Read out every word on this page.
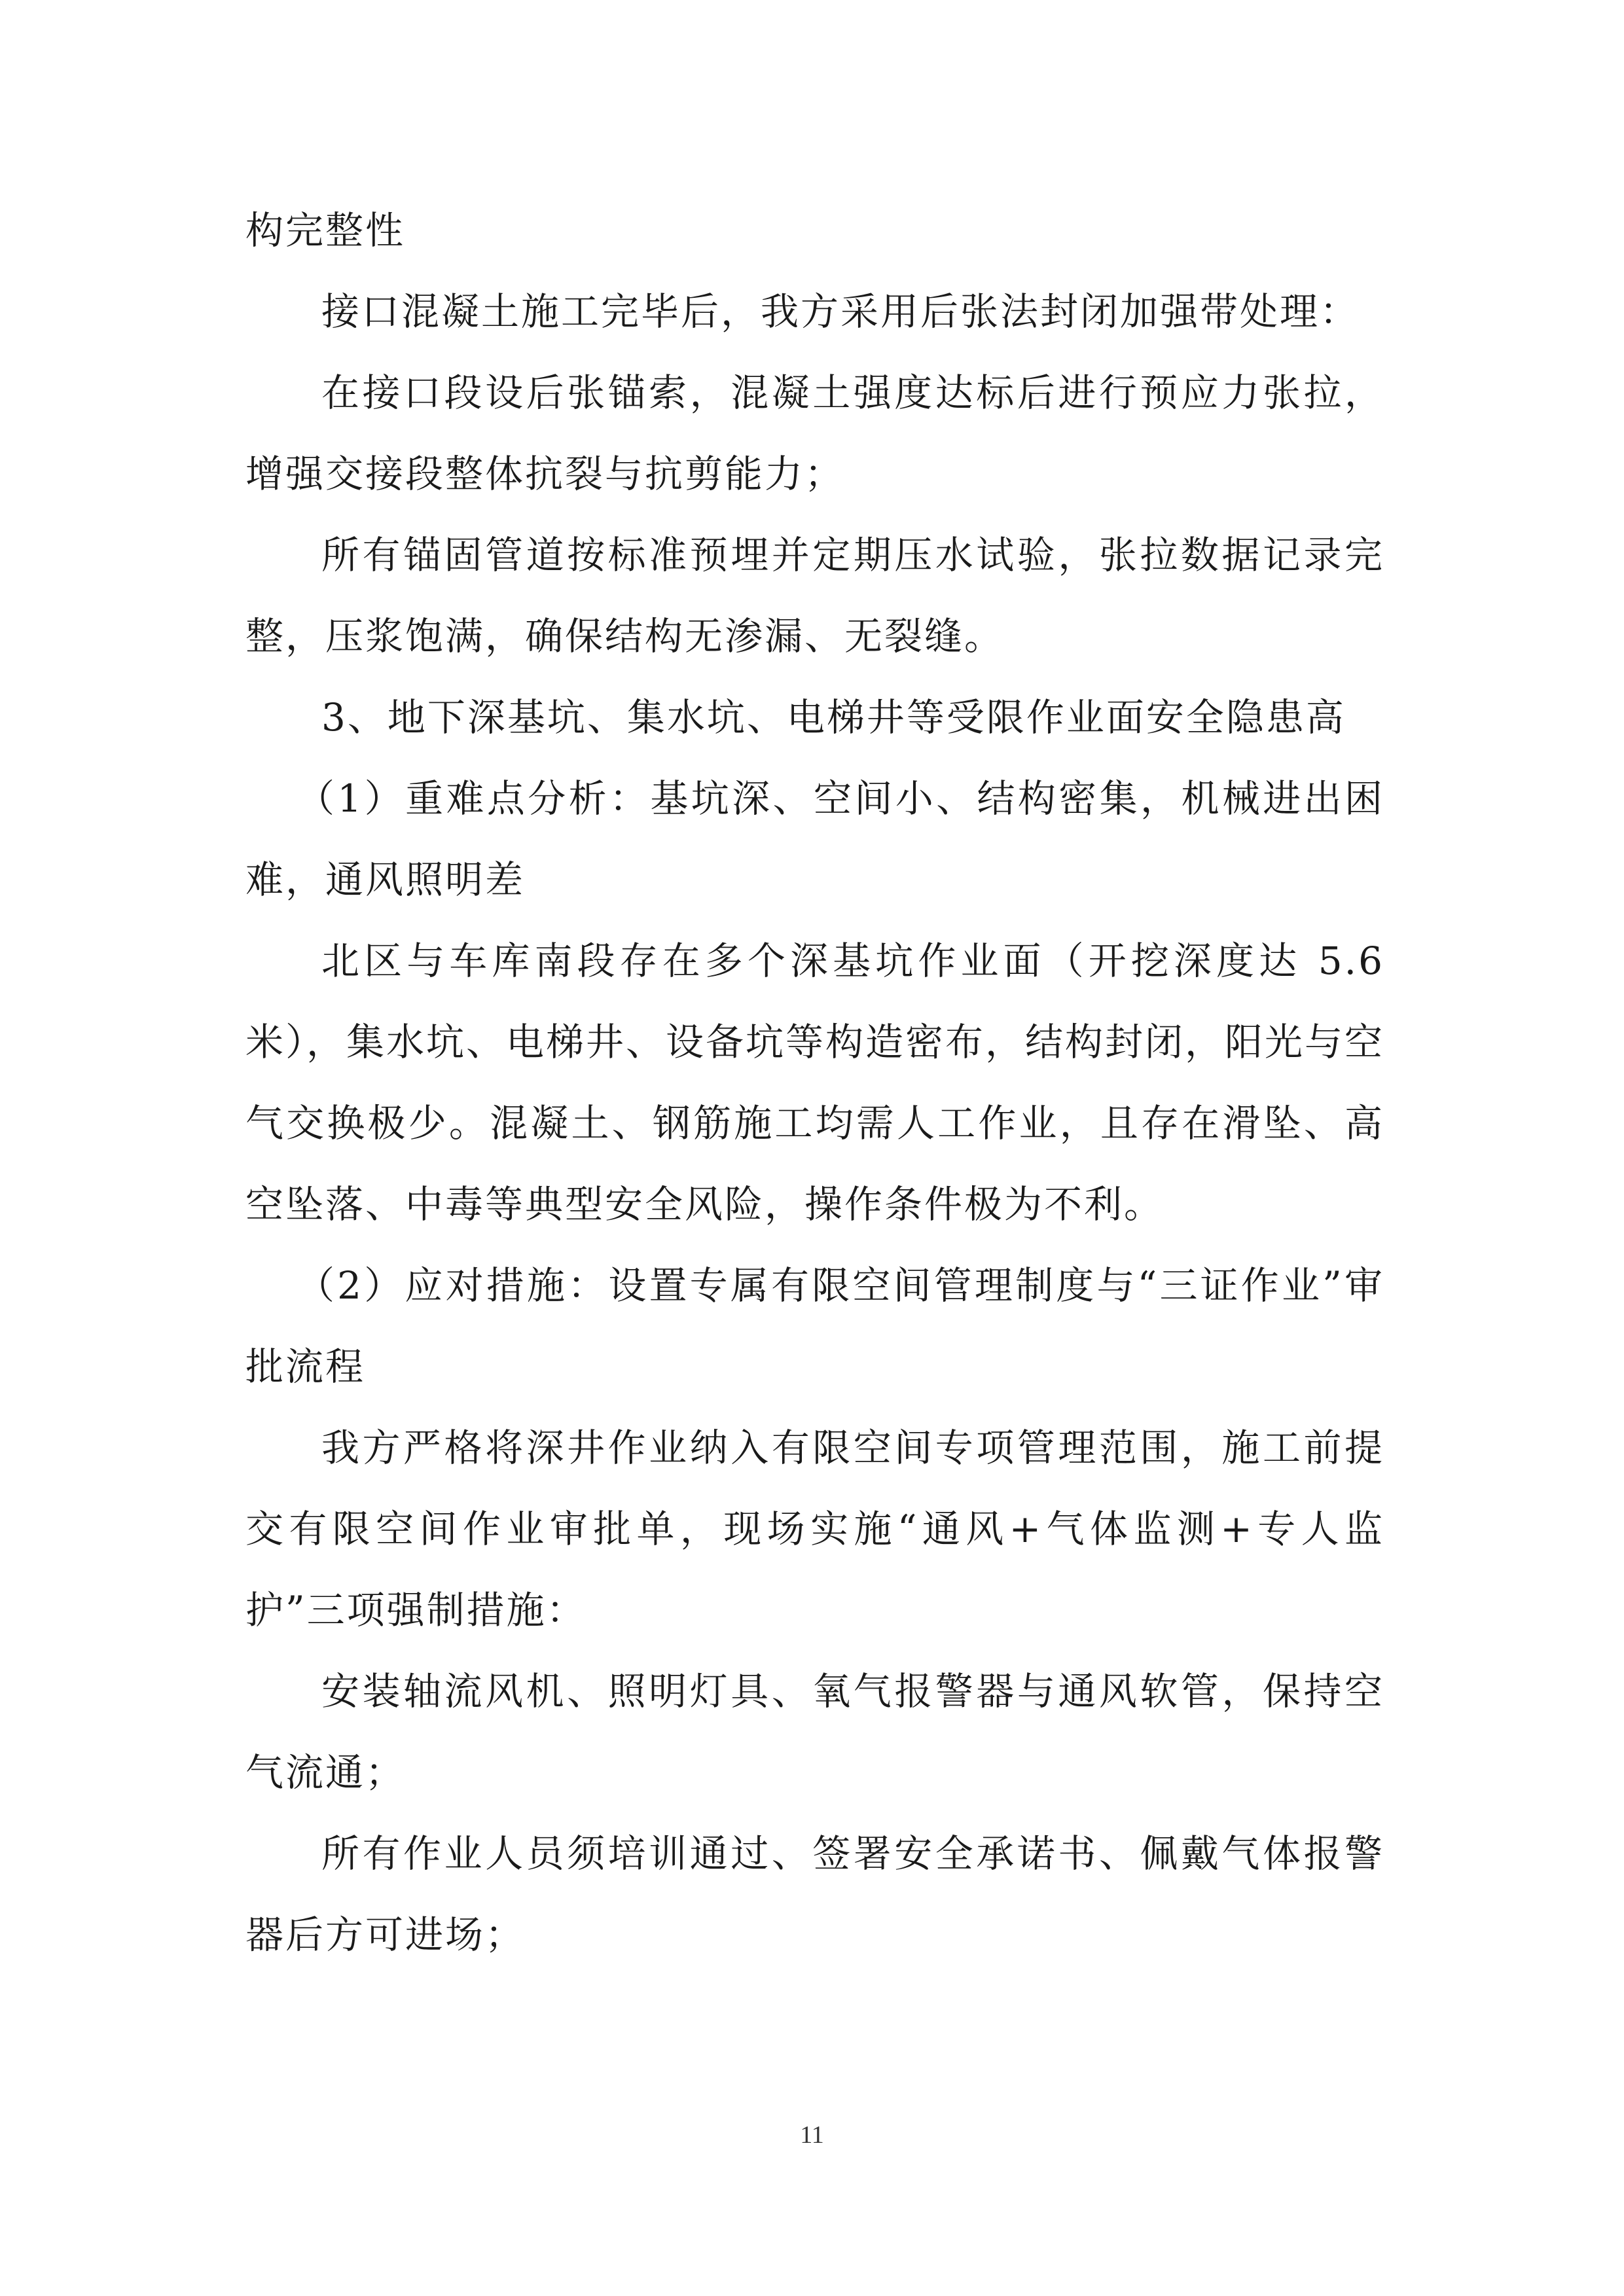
构完整性

接口混凝土施工完毕后，我方采用后张法封闭加强带处理：

在接口段设后张锚索，混凝土强度达标后进行预应力张拉，增强交接段整体抗裂与抗剪能力；

所有锚固管道按标准预埋并定期压水试验，张拉数据记录完整，压浆饱满，确保结构无渗漏、无裂缝。

3、地下深基坑、集水坑、电梯井等受限作业面安全隐患高

（1）重难点分析：基坑深、空间小、结构密集，机械进出困难，通风照明差

北区与车库南段存在多个深基坑作业面（开挖深度达 5.6 米），集水坑、电梯井、设备坑等构造密布，结构封闭，阳光与空气交换极少。混凝土、钢筋施工均需人工作业，且存在滑坠、高空坠落、中毒等典型安全风险，操作条件极为不利。

（2）应对措施：设置专属有限空间管理制度与“三证作业”审批流程

我方严格将深井作业纳入有限空间专项管理范围，施工前提交有限空间作业审批单，现场实施“通风+气体监测+专人监护”三项强制措施：

安装轴流风机、照明灯具、氧气报警器与通风软管，保持空气流通；

所有作业人员须培训通过、签署安全承诺书、佩戴气体报警器后方可进场；

11
